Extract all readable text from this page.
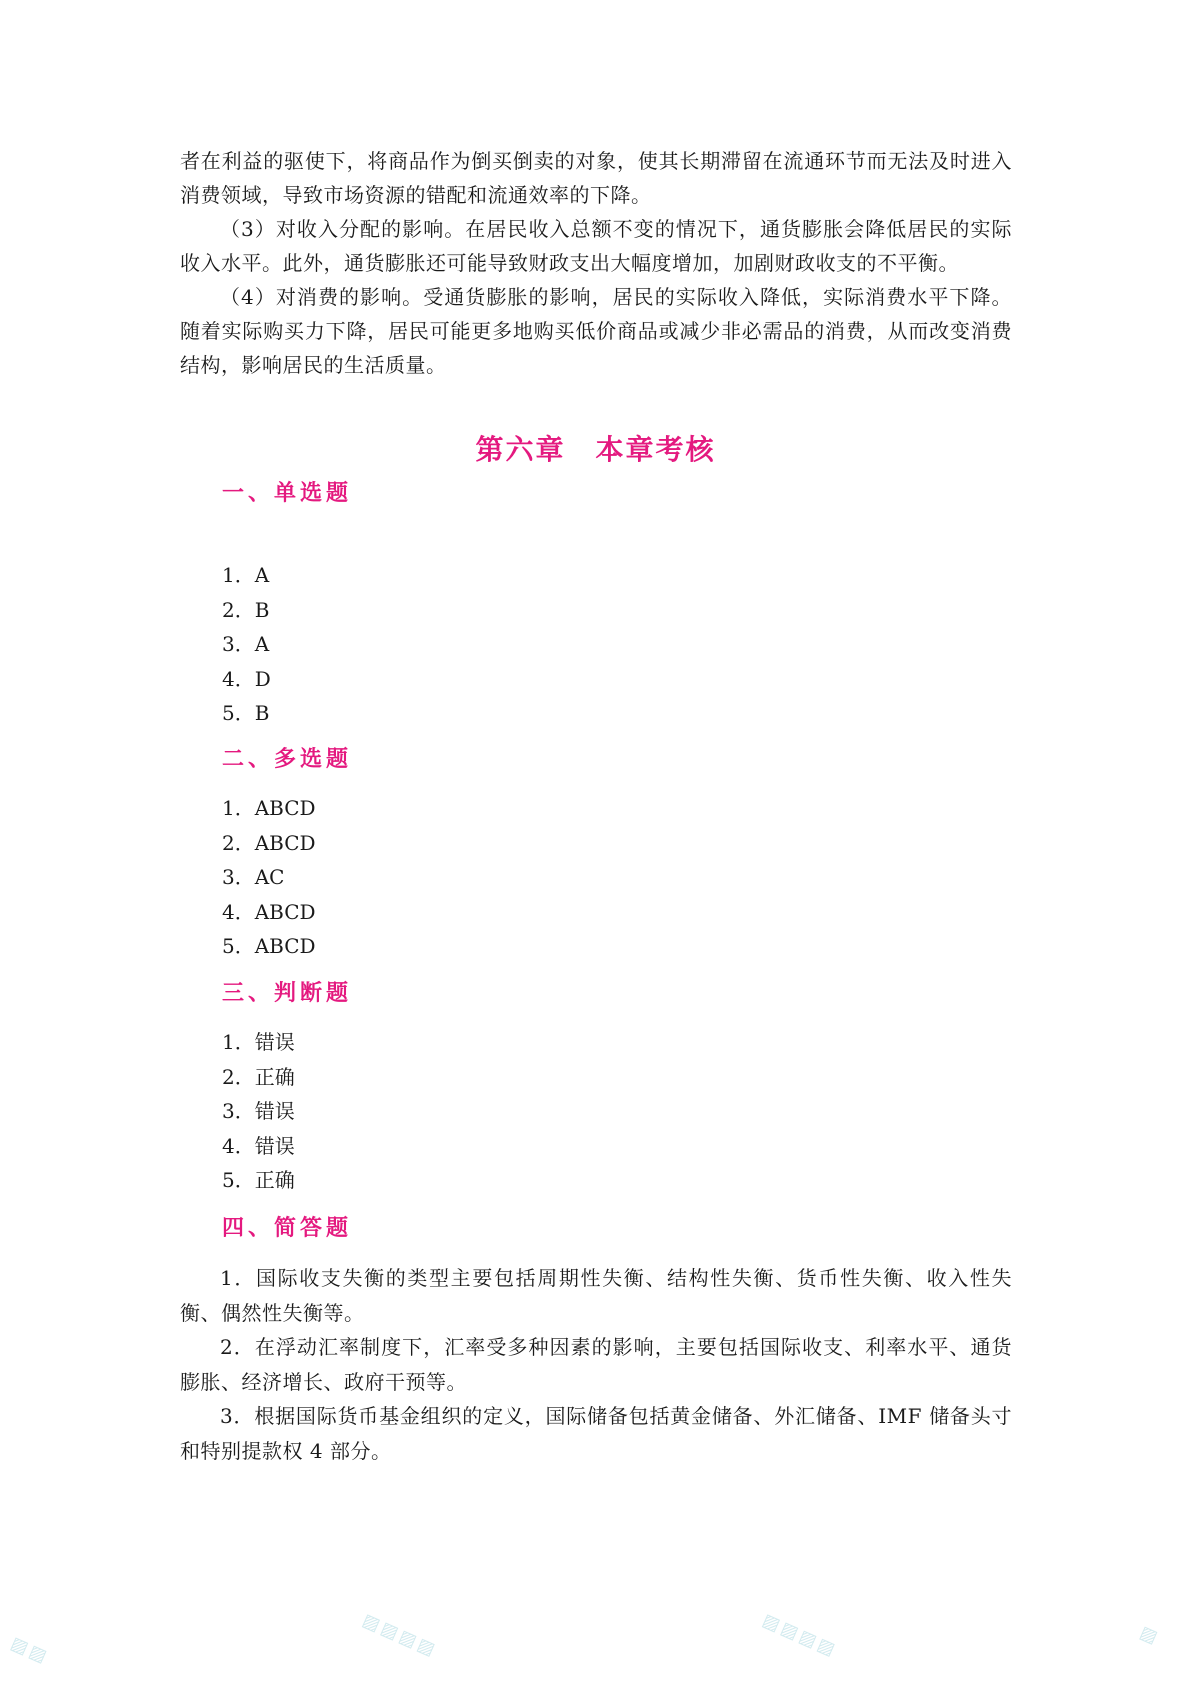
者在利益的驱使下，将商品作为倒买倒卖的对象，使其长期滞留在流通环节而无法及时进入消费领域，导致市场资源的错配和流通效率的下降。

（3）对收入分配的影响。在居民收入总额不变的情况下，通货膨胀会降低居民的实际收入水平。此外，通货膨胀还可能导致财政支出大幅度增加，加剧财政收支的不平衡。

（4）对消费的影响。受通货膨胀的影响，居民的实际收入降低，实际消费水平下降。随着实际购买力下降，居民可能更多地购买低价商品或减少非必需品的消费，从而改变消费结构，影响居民的生活质量。

第六章　本章考核
一、单选题
1．A
2．B
3．A
4．D
5．B
二、多选题
1．ABCD
2．ABCD
3．AC
4．ABCD
5．ABCD
三、判断题
1．错误
2．正确
3．错误
4．错误
5．正确
四、简答题

1．国际收支失衡的类型主要包括周期性失衡、结构性失衡、货币性失衡、收入性失衡、偶然性失衡等。

2．在浮动汇率制度下，汇率受多种因素的影响，主要包括国际收支、利率水平、通货膨胀、经济增长、政府干预等。

3．根据国际货币基金组织的定义，国际储备包括黄金储备、外汇储备、IMF 储备头寸和特别提款权 4 部分。

▨▨	▨▨▨▨	▨▨▨▨	▨
